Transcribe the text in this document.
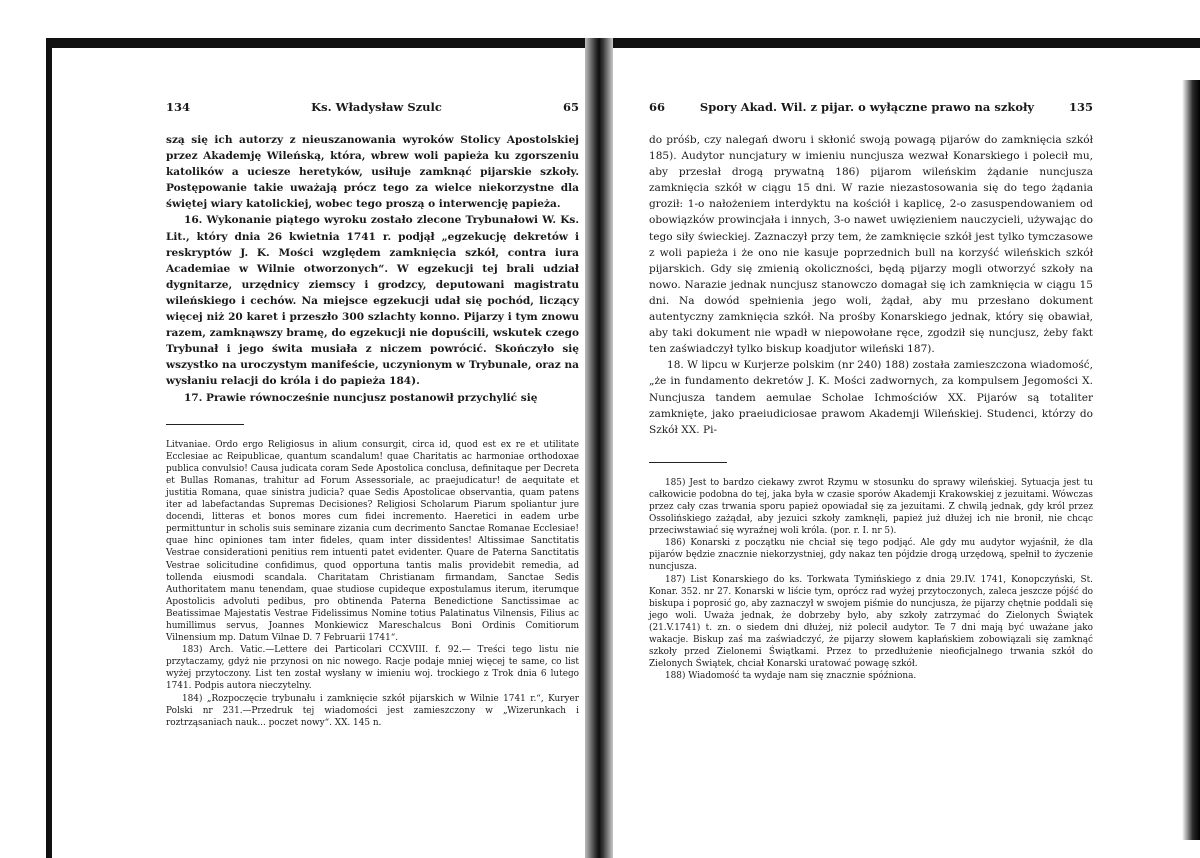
134	Ks. Władysław Szulc	65

szą się ich autorzy z nieuszanowania wyroków Stolicy Apostolskiej przez Akademję Wileńską, która, wbrew woli papieża ku zgorszeniu katolików a uciesze heretyków, usiłuje zamknąć pijarskie szkoły. Postępowanie takie uważają prócz tego za wielce niekorzystne dla świętej wiary katolickiej, wobec tego proszą o interwencję papieża.

16. Wykonanie piątego wyroku zostało zlecone Trybunałowi W. Ks. Lit., który dnia 26 kwietnia 1741 r. podjął „egzekucję dekretów i reskryptów J. K. Mości względem zamknięcia szkół, contra iura Academiae w Wilnie otworzonych“. W egzekucji tej brali udział dygnitarze, urzędnicy ziemscy i grodzcy, deputowani magistratu wileńskiego i cechów. Na miejsce egzekucji udał się pochód, liczący więcej niż 20 karet i przeszło 300 szlachty konno. Pijarzy i tym znowu razem, zamknąwszy bramę, do egzekucji nie dopuścili, wskutek czego Trybunał i jego świta musiała z niczem powrócić. Skończyło się wszystko na uroczystym manifeście, uczynionym w Trybunale, oraz na wysłaniu relacji do króla i do papieża 184).

17. Prawie równocześnie nuncjusz postanowił przychylić się

Litvaniae. Ordo ergo Religiosus in alium consurgit, circa id, quod est ex re et utilitate Ecclesiae ac Reipublicae, quantum scandalum! quae Charitatis ac harmoniae orthodoxae publica convulsio! Causa judicata coram Sede Apostolica conclusa, definitaque per Decreta et Bullas Romanas, trahitur ad Forum Assessoriale, ac praejudicatur! de aequitate et justitia Romana, quae sinistra judicia? quae Sedis Apostolicae observantia, quam patens iter ad labefactandas Supremas Decisiones? Religiosi Scholarum Piarum spoliantur jure docendi, litteras et bonos mores cum fidei incremento. Haeretici in eadem urbe permittuntur in scholis suis seminare zizania cum decrimento Sanctae Romanae Ecclesiae! quae hinc opiniones tam inter fideles, quam inter dissidentes! Altissimae Sanctitatis Vestrae considerationi penitius rem intuenti patet evidenter. Quare de Paterna Sanctitatis Vestrae solicitudine confidimus, quod opportuna tantis malis providebit remedia, ad tollenda eiusmodi scandala. Charitatam Christianam firmandam, Sanctae Sedis Authoritatem manu tenendam, quae studiose cupideque expostulamus iterum, iterumque Apostolicis advoluti pedibus, pro obtinenda Paterna Benedictione Sanctissimae ac Beatissimae Majestatis Vestrae Fidelissimus Nomine totius Palatinatus Vilnensis, Filius ac humillimus servus, Joannes Monkiewicz Mareschalcus Boni Ordinis Comitiorum Vilnensium mp. Datum Vilnae D. 7 Februarii 1741“.

183) Arch. Vatic.—Lettere dei Particolari CCXVIII. f. 92.— Treści tego listu nie przytaczamy, gdyż nie przynosi on nic nowego. Racje podaje mniej więcej te same, co list wyżej przytoczony. List ten został wysłany w imieniu woj. trockiego z Trok dnia 6 lutego 1741. Podpis autora nieczytelny.

184) „Rozpoczęcie trybunału i zamknięcie szkół pijarskich w Wilnie 1741 r.“, Kuryer Polski nr 231.—Przedruk tej wiadomości jest zamieszczony w „Wizerunkach i roztrząsaniach nauk... poczet nowy“. XX. 145 n.

66	Spory Akad. Wil. z pijar. o wyłączne prawo na szkoły	135

do próśb, czy nalegań dworu i skłonić swoją powagą pijarów do zamknięcia szkół 185). Audytor nuncjatury w imieniu nuncjusza wezwał Konarskiego i polecił mu, aby przesłał drogą prywatną 186) pijarom wileńskim żądanie nuncjusza zamknięcia szkół w ciągu 15 dni. W razie niezastosowania się do tego żądania groził: 1-o nałożeniem interdyktu na kościół i kaplicę, 2-o zasuspendowaniem od obowiązków prowincjała i innych, 3-o nawet uwięzieniem nauczycieli, używając do tego siły świeckiej. Zaznaczył przy tem, że zamknięcie szkół jest tylko tymczasowe z woli papieża i że ono nie kasuje poprzednich bull na korzyść wileńskich szkół pijarskich. Gdy się zmienią okoliczności, będą pijarzy mogli otworzyć szkoły na nowo. Narazie jednak nuncjusz stanowczo domagał się ich zamknięcia w ciągu 15 dni. Na dowód spełnienia jego woli, żądał, aby mu przesłano dokument autentyczny zamknięcia szkół. Na prośby Konarskiego jednak, który się obawiał, aby taki dokument nie wpadł w niepowołane ręce, zgodził się nuncjusz, żeby fakt ten zaświadczył tylko biskup koadjutor wileński 187).

18. W lipcu w Kurjerze polskim (nr 240) 188) została zamieszczona wiadomość, „że in fundamento dekretów J. K. Mości zadwornych, za kompulsem Jegomości X. Nuncjusza tandem aemulae Scholae Ichmościów XX. Pijarów są totaliter zamknięte, jako praeiudiciosae prawom Akademji Wileńskiej. Studenci, którzy do Szkół XX. Pi-

185) Jest to bardzo ciekawy zwrot Rzymu w stosunku do sprawy wileńskiej. Sytuacja jest tu całkowicie podobna do tej, jaka była w czasie sporów Akademji Krakowskiej z jezuitami. Wówczas przez cały czas trwania sporu papież opowiadał się za jezuitami. Z chwilą jednak, gdy król przez Ossolińskiego zażądał, aby jezuici szkoły zamknęli, papież już dłużej ich nie bronił, nie chcąc przeciwstawiać się wyraźnej woli króla. (por. r. I. nr 5).

186) Konarski z początku nie chciał się tego podjąć. Ale gdy mu audytor wyjaśnił, że dla pijarów będzie znacznie niekorzystniej, gdy nakaz ten pójdzie drogą urzędową, spełnił to życzenie nuncjusza.

187) List Konarskiego do ks. Torkwata Tymińskiego z dnia 29.IV. 1741, Konopczyński, St. Konar. 352. nr 27. Konarski w liście tym, oprócz rad wyżej przytoczonych, zaleca jeszcze pójść do biskupa i poprosić go, aby zaznaczył w swojem piśmie do nuncjusza, że pijarzy chętnie poddali się jego woli. Uważa jednak, że dobrzeby było, aby szkoły zatrzymać do Zielonych Świątek (21.V.1741) t. zn. o siedem dni dłużej, niż polecił audytor. Te 7 dni mają być uważane jako wakacje. Biskup zaś ma zaświadczyć, że pijarzy słowem kapłańskiem zobowiązali się zamknąć szkoły przed Zielonemi Świątkami. Przez to przedłużenie nieoficjalnego trwania szkół do Zielonych Świątek, chciał Konarski uratować powagę szkół.

188) Wiadomość ta wydaje nam się znacznie spóźniona.
